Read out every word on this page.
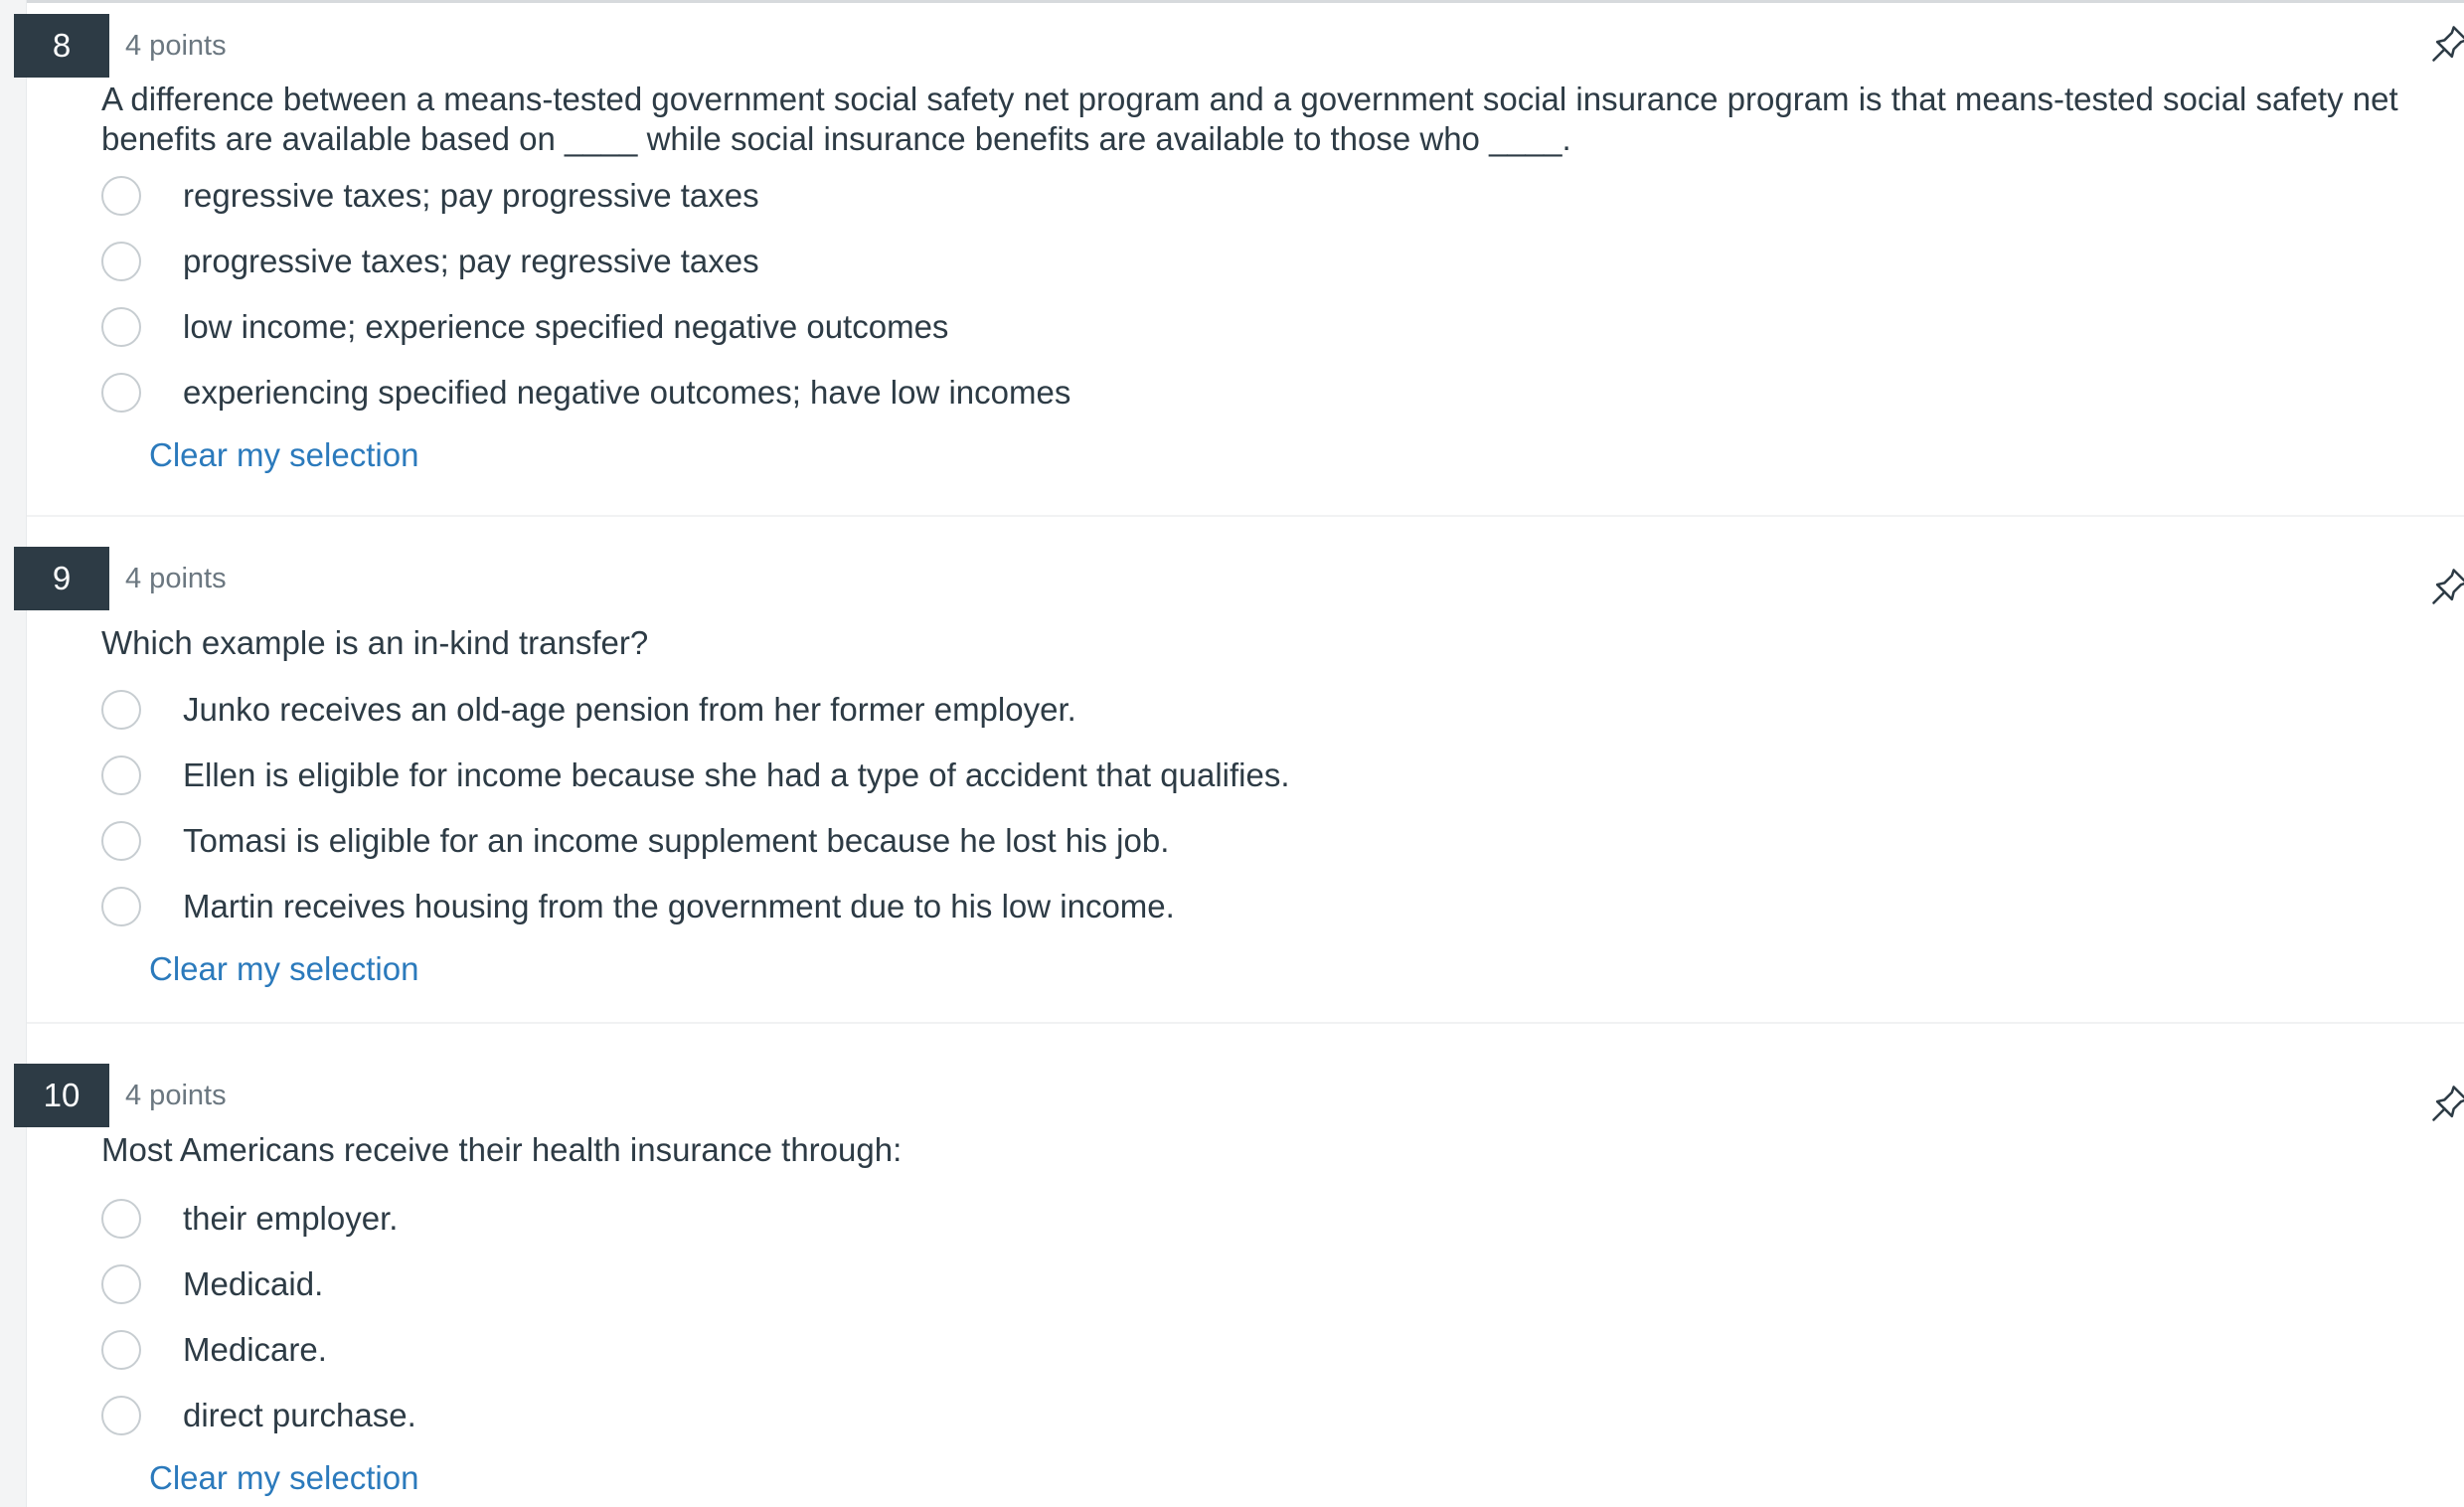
8	4 points
A difference between a means-tested government social safety net program and a government social insurance program is that means-tested social safety net benefits are available based on ____ while social insurance benefits are available to those who ____.
regressive taxes; pay progressive taxes
progressive taxes; pay regressive taxes
low income; experience specified negative outcomes
experiencing specified negative outcomes; have low incomes
Clear my selection
9	4 points
Which example is an in-kind transfer?
Junko receives an old-age pension from her former employer.
Ellen is eligible for income because she had a type of accident that qualifies.
Tomasi is eligible for an income supplement because he lost his job.
Martin receives housing from the government due to his low income.
Clear my selection
10	4 points
Most Americans receive their health insurance through:
their employer.
Medicaid.
Medicare.
direct purchase.
Clear my selection
